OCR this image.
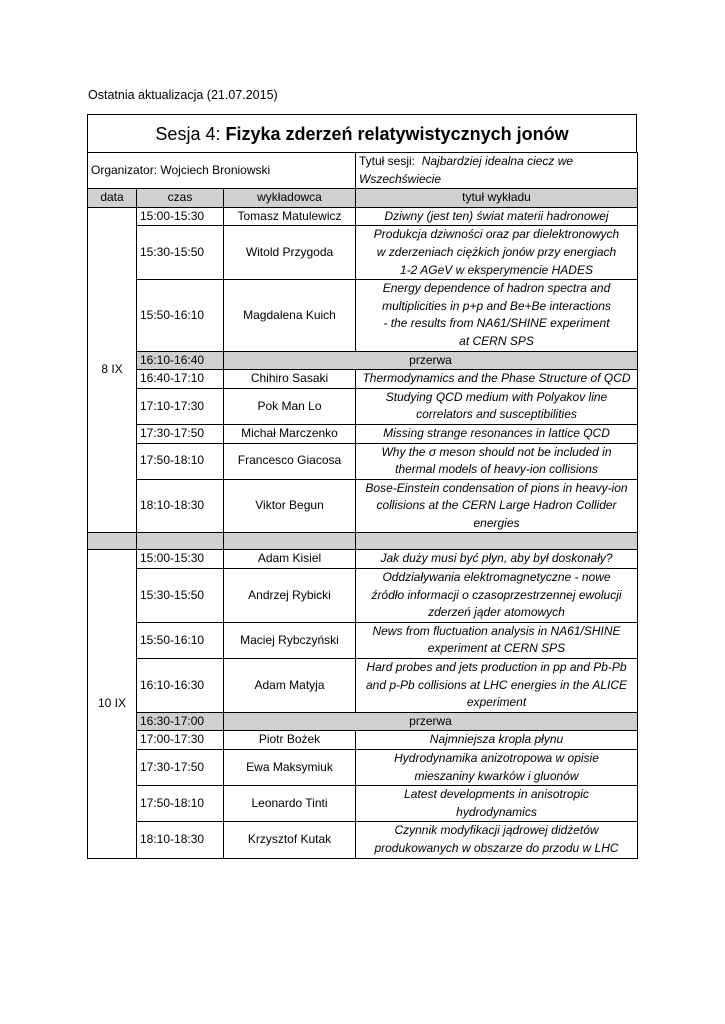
Ostatnia aktualizacja (21.07.2015)
Sesja 4: Fizyka zderzeń relatywistycznych jonów
Organizator: Wojciech Broniowski			Tytuł sesji: Najbardziej idealna ciecz we Wszechświecie
data	czas	wykładowca	tytuł wykładu
8 IX	15:00-15:30	Tomasz Matulewicz	Dziwny (jest ten) świat materii hadronowej

	15:30-15:50	Witold Przygoda	Produkcja dziwności oraz par dielektronowych
w zderzeniach ciężkich jonów przy energiach
1-2 AGeV w eksperymencie HADES

	15:50-16:10	Magdalena Kuich	Energy dependence of hadron spectra and
multiplicities in p+p and Be+Be interactions
- the results from NA61/SHINE experiment
at CERN SPS

	16:10-16:40	przerwa	
	16:40-17:10	Chihiro Sasaki	Thermodynamics and the Phase Structure of QCD

	17:10-17:30	Pok Man Lo	Studying QCD medium with Polyakov line
correlators and susceptibilities

	17:30-17:50	Michał Marczenko	Missing strange resonances in lattice QCD

	17:50-18:10	Francesco Giacosa	Why the σ meson should not be included in
thermal models of heavy-ion collisions

	18:10-18:30	Viktor Begun	Bose-Einstein condensation of pions in heavy-ion
collisions at the CERN Large Hadron Collider
energies

10 IX	15:00-15:30	Adam Kisiel	Jak duży musi być płyn, aby był doskonały?

	15:30-15:50	Andrzej Rybicki	Oddziaływania elektromagnetyczne - nowe
źródło informacji o czasoprzestrzennej ewolucji
zderzeń jąder atomowych

	15:50-16:10	Maciej Rybczyński	News from fluctuation analysis in NA61/SHINE
experiment at CERN SPS

	16:10-16:30	Adam Matyja	Hard probes and jets production in pp and Pb-Pb
and p-Pb collisions at LHC energies in the ALICE
experiment

	16:30-17:00	przerwa	
	17:00-17:30	Piotr Bożek	Najmniejsza kropla płynu

	17:30-17:50	Ewa Maksymiuk	Hydrodynamika anizotropowa w opisie
mieszaniny kwarków i gluonów

	17:50-18:10	Leonardo Tinti	Latest developments in anisotropic
hydrodynamics

	18:10-18:30	Krzysztof Kutak	Czynnik modyfikacji jądrowej didżetów
produkowanych w obszarze do przodu w LHC
